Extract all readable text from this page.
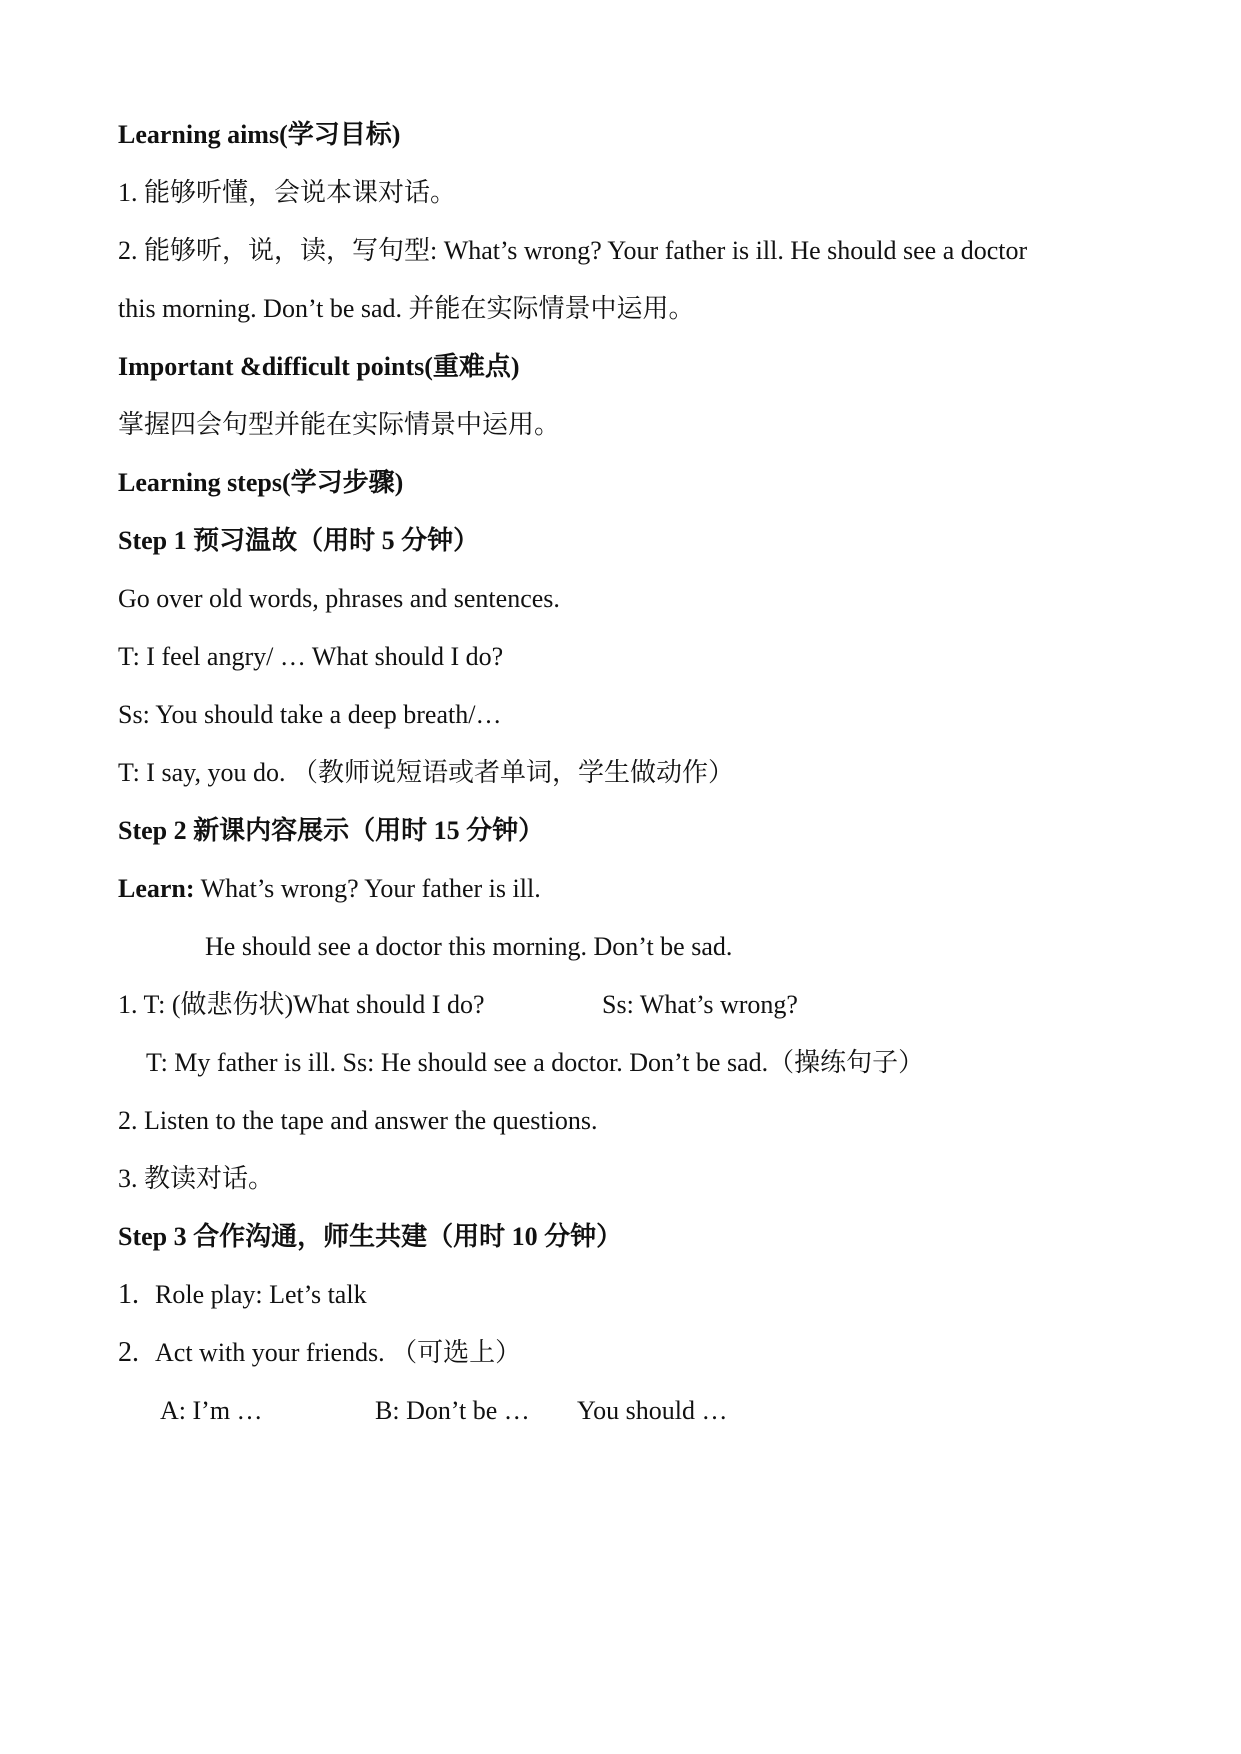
Learning aims(学习目标)
1. 能够听懂，会说本课对话。
2. 能够听，说，读，写句型: What’s wrong? Your father is ill. He should see a doctor
this morning. Don’t be sad. 并能在实际情景中运用。
Important &difficult points(重难点)
掌握四会句型并能在实际情景中运用。
Learning steps(学习步骤)
Step 1 预习温故（用时 5 分钟）
Go over old words, phrases and sentences.
T: I feel angry/ … What should I do?
Ss: You should take a deep breath/…
T: I say, you do. （教师说短语或者单词，学生做动作）
Step 2 新课内容展示（用时 15 分钟）
Learn: What’s wrong? Your father is ill.
He should see a doctor this morning. Don’t be sad.
1. T: (做悲伤状)What should I do?	Ss: What’s wrong?
T: My father is ill. Ss: He should see a doctor. Don’t be sad.（操练句子）
2. Listen to the tape and answer the questions.
3. 教读对话。
Step 3 合作沟通，师生共建（用时 10 分钟）
1. Role play: Let’s talk
2. Act with your friends. （可选上）
A: I’m …	B: Don’t be … You should …
